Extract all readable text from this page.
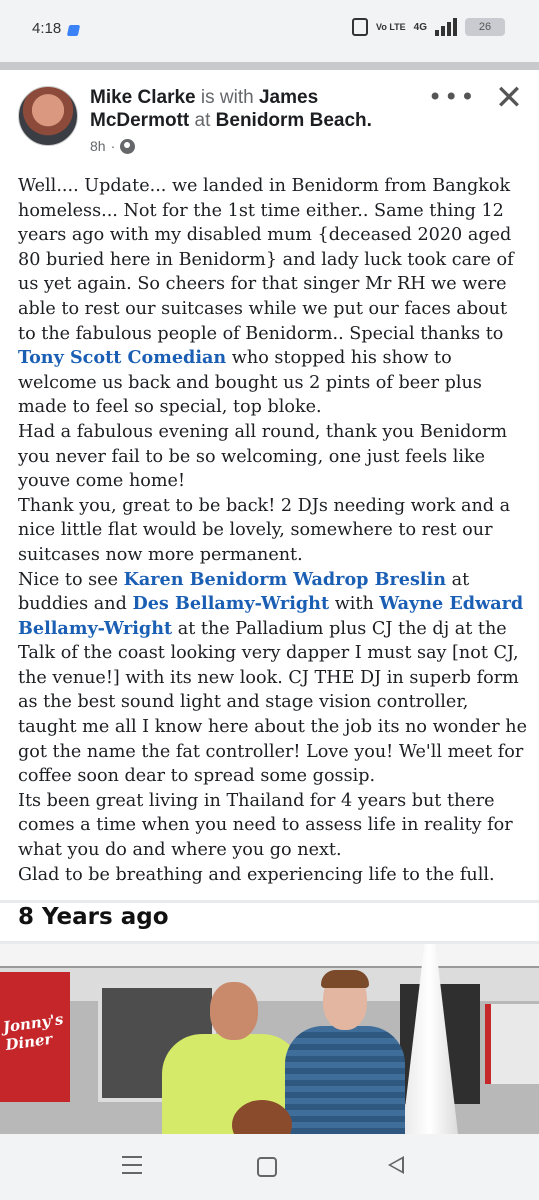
4:18	Vo LTE 4G	26
Mike Clarke is with James McDermott at Benidorm Beach.
8h ·
••• ✕

Well.... Update... we landed in Benidorm from Bangkok homeless... Not for the 1st time either.. Same thing 12 years ago with my disabled mum {deceased 2020 aged 80 buried here in Benidorm} and lady luck took care of us yet again. So cheers for that singer Mr RH we were able to rest our suitcases while we put our faces about to the fabulous people of Benidorm.. Special thanks to Tony Scott Comedian who stopped his show to welcome us back and bought us 2 pints of beer plus made to feel so special, top bloke.

Had a fabulous evening all round, thank you Benidorm you never fail to be so welcoming, one just feels like youve come home!

Thank you, great to be back! 2 DJs needing work and a nice little flat would be lovely, somewhere to rest our suitcases now more permanent.

Nice to see Karen Benidorm Wadrop Breslin at buddies and Des Bellamy-Wright with Wayne Edward Bellamy-Wright at the Palladium plus CJ the dj at the Talk of the coast looking very dapper I must say [not CJ, the venue!] with its new look. CJ THE DJ in superb form as the best sound light and stage vision controller, taught me all I know here about the job its no wonder he got the name the fat controller! Love you! We'll meet for coffee soon dear to spread some gossip.

Its been great living in Thailand for 4 years but there comes a time when you need to assess life in reality for what you do and where you go next.

Glad to be breathing and experiencing life to the full.

8 Years ago
Jonny's Diner
